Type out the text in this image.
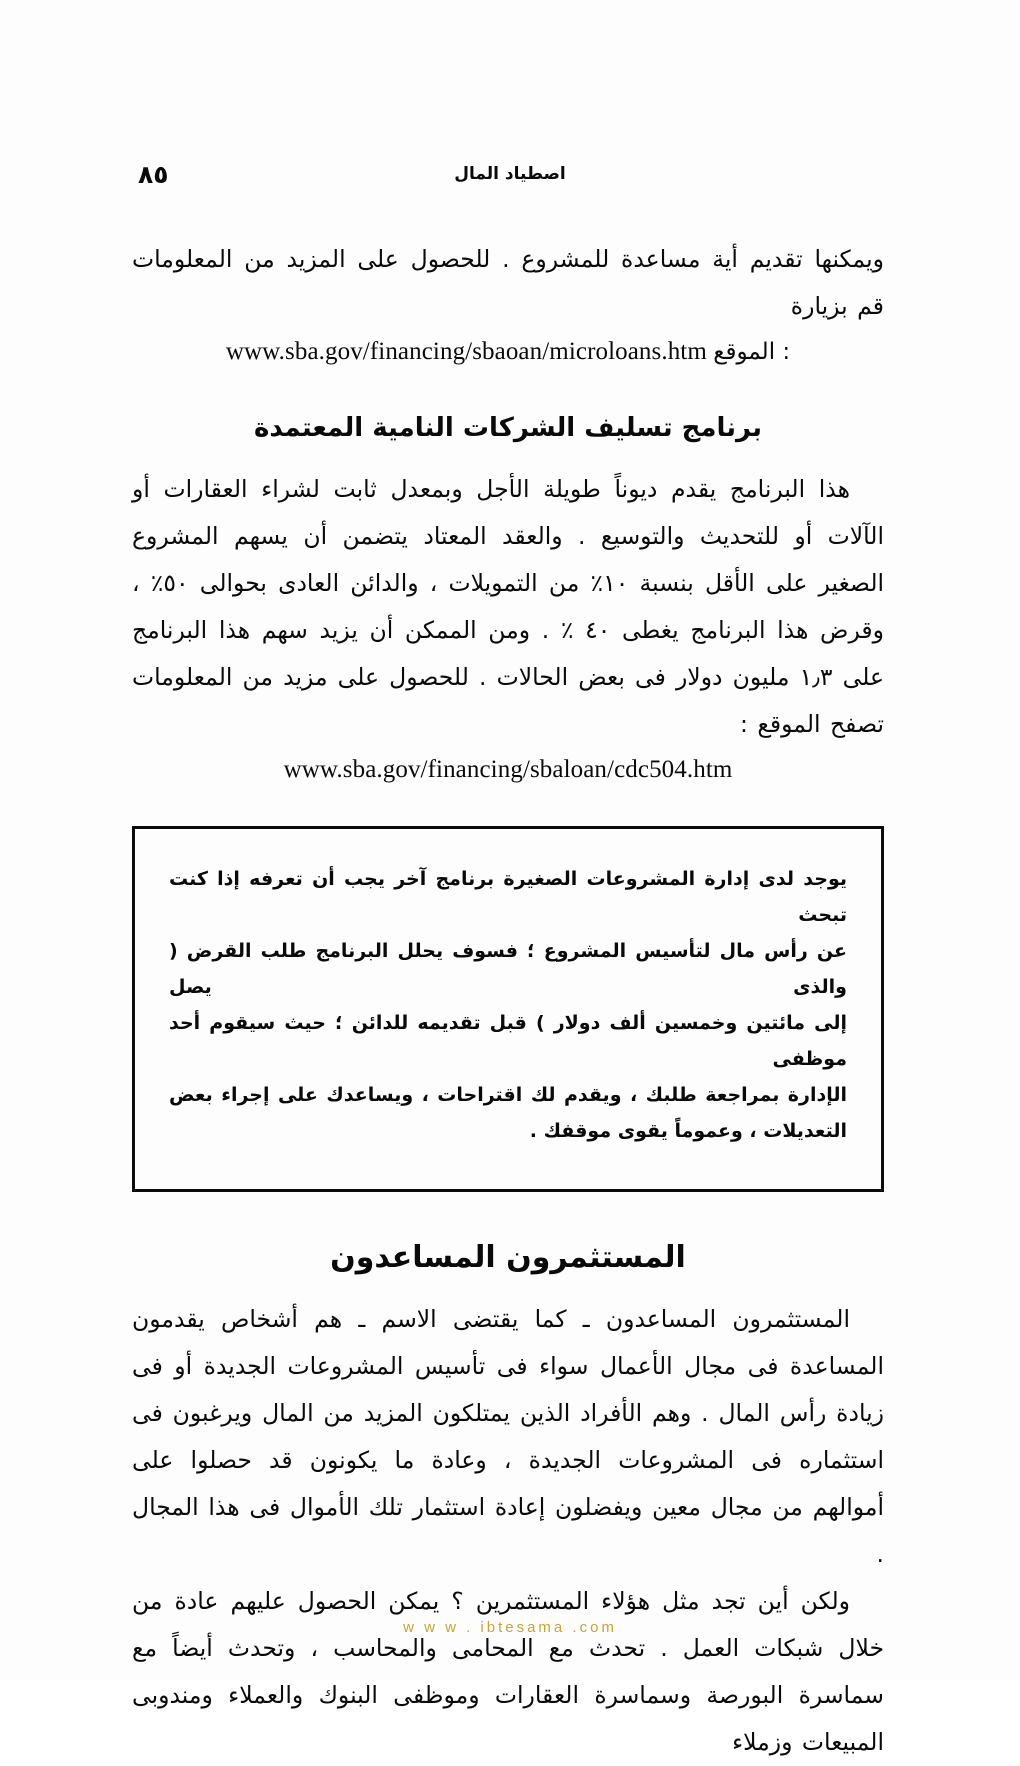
٨٥	اصطياد المال

ويمكنها تقديم أية مساعدة للمشروع . للحصول على المزيد من المعلومات قم بزيارة

www.sba.gov/financing/sbaoan/microloans.htm الموقع :
برنامج تسليف الشركات النامية المعتمدة

هذا البرنامج يقدم ديوناً طويلة الأجل وبمعدل ثابت لشراء العقارات أو الآلات أو للتحديث والتوسيع . والعقد المعتاد يتضمن أن يسهم المشروع الصغير على الأقل بنسبة ١٠٪ من التمويلات ، والدائن العادى بحوالى ٥٠٪ ، وقرض هذا البرنامج يغطى ٤٠ ٪ . ومن الممكن أن يزيد سهم هذا البرنامج على ١٫٣ مليون دولار فى بعض الحالات . للحصول على مزيد من المعلومات تصفح الموقع :

www.sba.gov/financing/sbaloan/cdc504.htm

يوجد لدى إدارة المشروعات الصغيرة برنامج آخر يجب أن تعرفه إذا كنت تبحث

عن رأس مال لتأسيس المشروع ؛ فسوف يحلل البرنامج طلب القرض ( والذى يصل

إلى مائتين وخمسين ألف دولار ) قبل تقديمه للدائن ؛ حيث سيقوم أحد موظفى

الإدارة بمراجعة طلبك ، ويقدم لك اقتراحات ، ويساعدك على إجراء بعض

التعديلات ، وعموماً يقوى موقفك .

المستثمرون المساعدون

المستثمرون المساعدون ـ كما يقتضى الاسم ـ هم أشخاص يقدمون المساعدة فى مجال الأعمال سواء فى تأسيس المشروعات الجديدة أو فى زيادة رأس المال . وهم الأفراد الذين يمتلكون المزيد من المال ويرغبون فى استثماره فى المشروعات الجديدة ، وعادة ما يكونون قد حصلوا على أموالهم من مجال معين ويفضلون إعادة استثمار تلك الأموال فى هذا المجال .

ولكن أين تجد مثل هؤلاء المستثمرين ؟ يمكن الحصول عليهم عادة من خلال شبكات العمل . تحدث مع المحامى والمحاسب ، وتحدث أيضاً مع سماسرة البورصة وسماسرة العقارات وموظفى البنوك والعملاء ومندوبى المبيعات وزملاء

w w w . ibtesama .com
